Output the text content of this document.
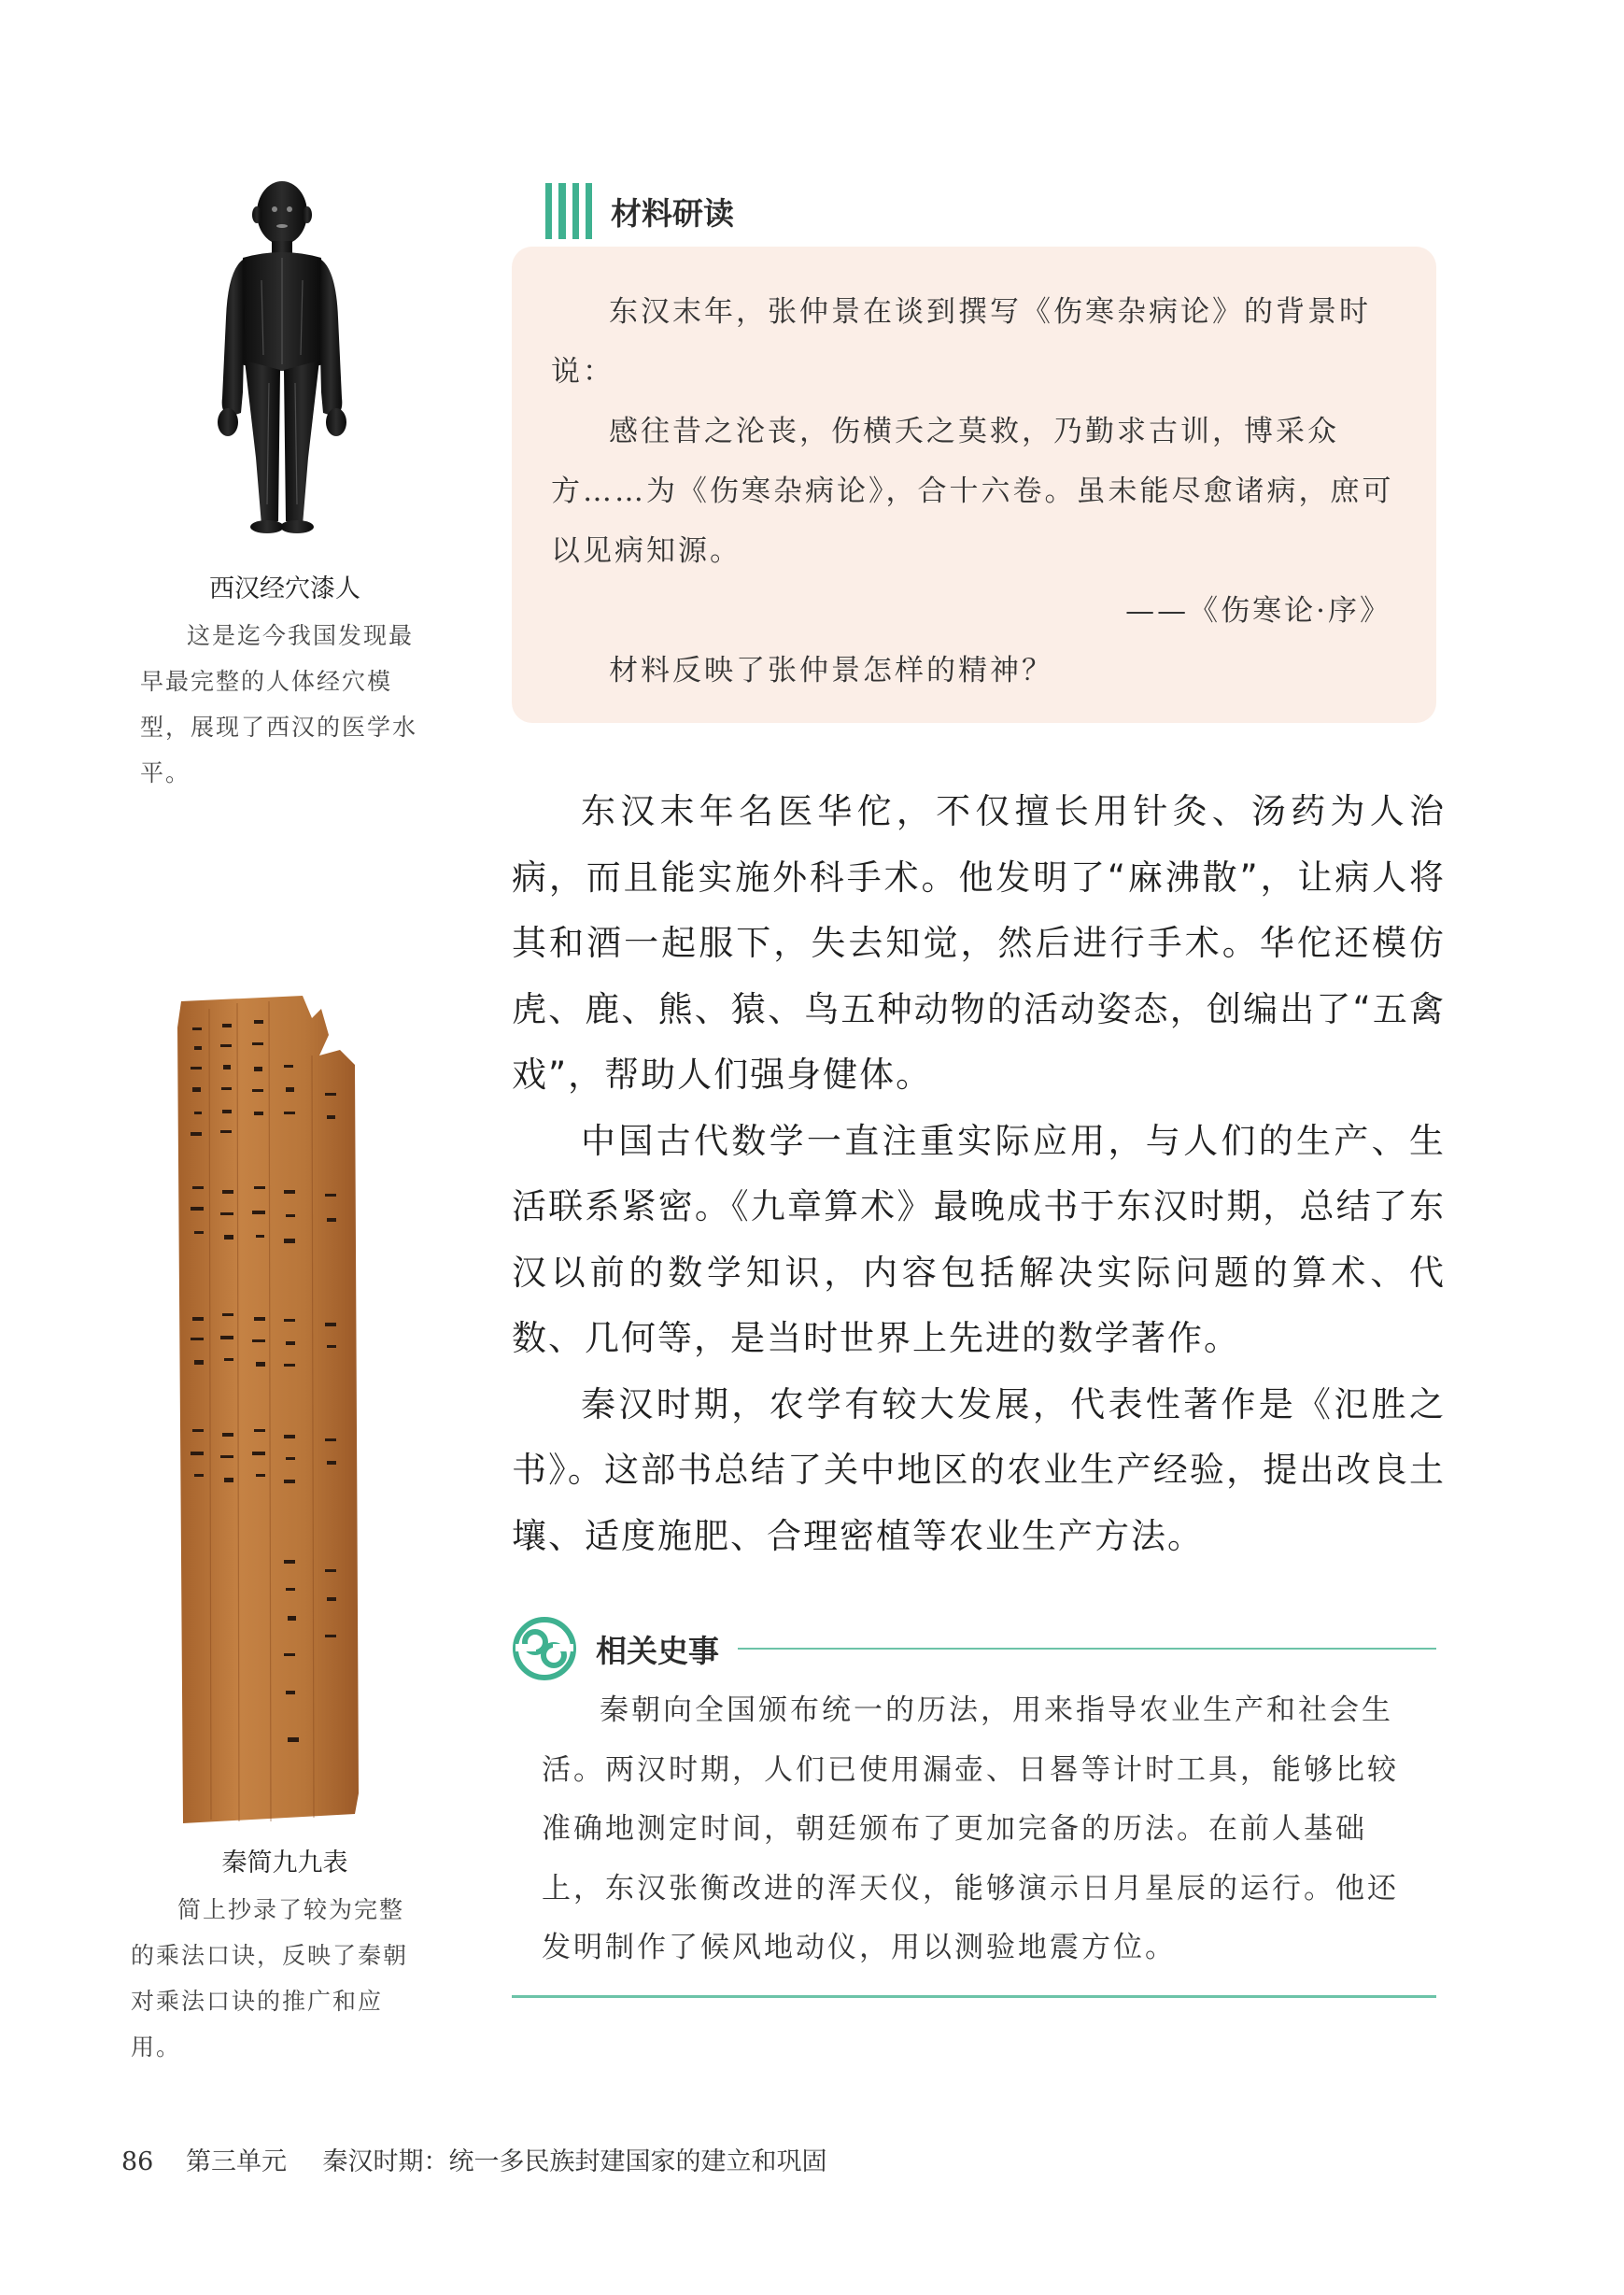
西汉经穴漆人
这是迄今我国发现最早最完整的人体经穴模型，展现了西汉的医学水平。
秦简九九表
简上抄录了较为完整的乘法口诀，反映了秦朝对乘法口诀的推广和应用。
材料研读

东汉末年，张仲景在谈到撰写《伤寒杂病论》的背景时说：

感往昔之沦丧，伤横夭之莫救，乃勤求古训，博采众方……为《伤寒杂病论》，合十六卷。虽未能尽愈诸病，庶可以见病知源。

——《伤寒论·序》

材料反映了张仲景怎样的精神？

东汉末年名医华佗，不仅擅长用针灸、汤药为人治病，而且能实施外科手术。他发明了“麻沸散”，让病人将其和酒一起服下，失去知觉，然后进行手术。华佗还模仿虎、鹿、熊、猿、鸟五种动物的活动姿态，创编出了“五禽戏”，帮助人们强身健体。

中国古代数学一直注重实际应用，与人们的生产、生活联系紧密。《九章算术》最晚成书于东汉时期，总结了东汉以前的数学知识，内容包括解决实际问题的算术、代数、几何等，是当时世界上先进的数学著作。

秦汉时期，农学有较大发展，代表性著作是《氾胜之书》。这部书总结了关中地区的农业生产经验，提出改良土壤、适度施肥、合理密植等农业生产方法。

相关史事

秦朝向全国颁布统一的历法，用来指导农业生产和社会生活。两汉时期，人们已使用漏壶、日晷等计时工具，能够比较准确地测定时间，朝廷颁布了更加完备的历法。在前人基础上，东汉张衡改进的浑天仪，能够演示日月星辰的运行。他还发明制作了候风地动仪，用以测验地震方位。

86 第三单元 秦汉时期：统一多民族封建国家的建立和巩固
